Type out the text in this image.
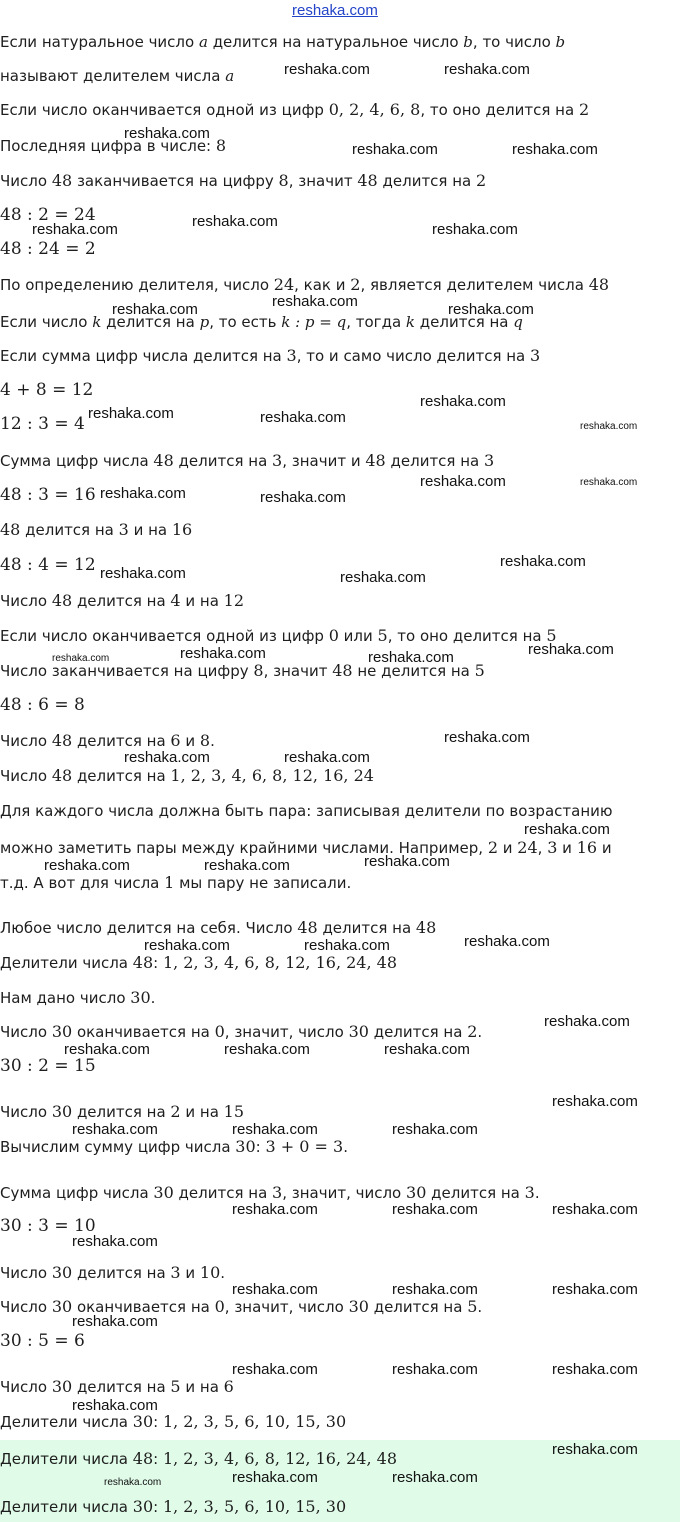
Если натуральное число a делится на натуральное число b, то число b
называют делителем числа a
Если число оканчивается одной из цифр 0, 2, 4, 6, 8, то оно делится на 2
Последняя цифра в числе: 8
Число 48 заканчивается на цифру 8, значит 48 делится на 2
48 : 2 = 24
48 : 24 = 2
По определению делителя, число 24, как и 2, является делителем числа 48
Если число k делится на p, то есть k : p = q, тогда k делится на q
Если сумма цифр числа делится на 3, то и само число делится на 3
4 + 8 = 12
12 : 3 = 4
Сумма цифр числа 48 делится на 3, значит и 48 делится на 3
48 : 3 = 16
48 делится на 3 и на 16
48 : 4 = 12
Число 48 делится на 4 и на 12
Если число оканчивается одной из цифр 0 или 5, то оно делится на 5
Число заканчивается на цифру 8, значит 48 не делится на 5
48 : 6 = 8
Число 48 делится на 6 и 8.
Число 48 делится на 1, 2, 3, 4, 6, 8, 12, 16, 24
Для каждого числа должна быть пара: записывая делители по возрастанию
можно заметить пары между крайними числами. Например, 2 и 24, 3 и 16 и
т.д. А вот для числа 1 мы пару не записали.
Любое число делится на себя. Число 48 делится на 48
Делители числа 48: 1, 2, 3, 4, 6, 8, 12, 16, 24, 48
Нам дано число 30.
Число 30 оканчивается на 0, значит, число 30 делится на 2.
30 : 2 = 15
Число 30 делится на 2 и на 15
Вычислим сумму цифр числа 30: 3 + 0 = 3.
Сумма цифр числа 30 делится на 3, значит, число 30 делится на 3.
30 : 3 = 10
Число 30 делится на 3 и 10.
Число 30 оканчивается на 0, значит, число 30 делится на 5.
30 : 5 = 6
Число 30 делится на 5 и на 6
Делители числа 30: 1, 2, 3, 5, 6, 10, 15, 30
Делители числа 48: 1, 2, 3, 4, 6, 8, 12, 16, 24, 48
Делители числа 30: 1, 2, 3, 5, 6, 10, 15, 30
reshaka.com
reshaka.com	reshaka.com
reshaka.com
reshaka.com	reshaka.com
reshaka.com
reshaka.com	reshaka.com
reshaka.com	reshaka.com	reshaka.com
reshaka.com
reshaka.com	reshaka.com
reshaka.com
reshaka.com
reshaka.com	reshaka.com
reshaka.com
reshaka.com
reshaka.com	reshaka.com
reshaka.com
reshaka.com	reshaka.com	reshaka.com
reshaka.com
reshaka.com	reshaka.com
reshaka.com
reshaka.com
reshaka.com	reshaka.com
reshaka.com
reshaka.com	reshaka.com
reshaka.com
reshaka.com	reshaka.com	reshaka.com
reshaka.com
reshaka.com	reshaka.com	reshaka.com
reshaka.com	reshaka.com	reshaka.com
reshaka.com
reshaka.com	reshaka.com	reshaka.com
reshaka.com
reshaka.com	reshaka.com	reshaka.com
reshaka.com
reshaka.com
reshaka.com	reshaka.com	reshaka.com
